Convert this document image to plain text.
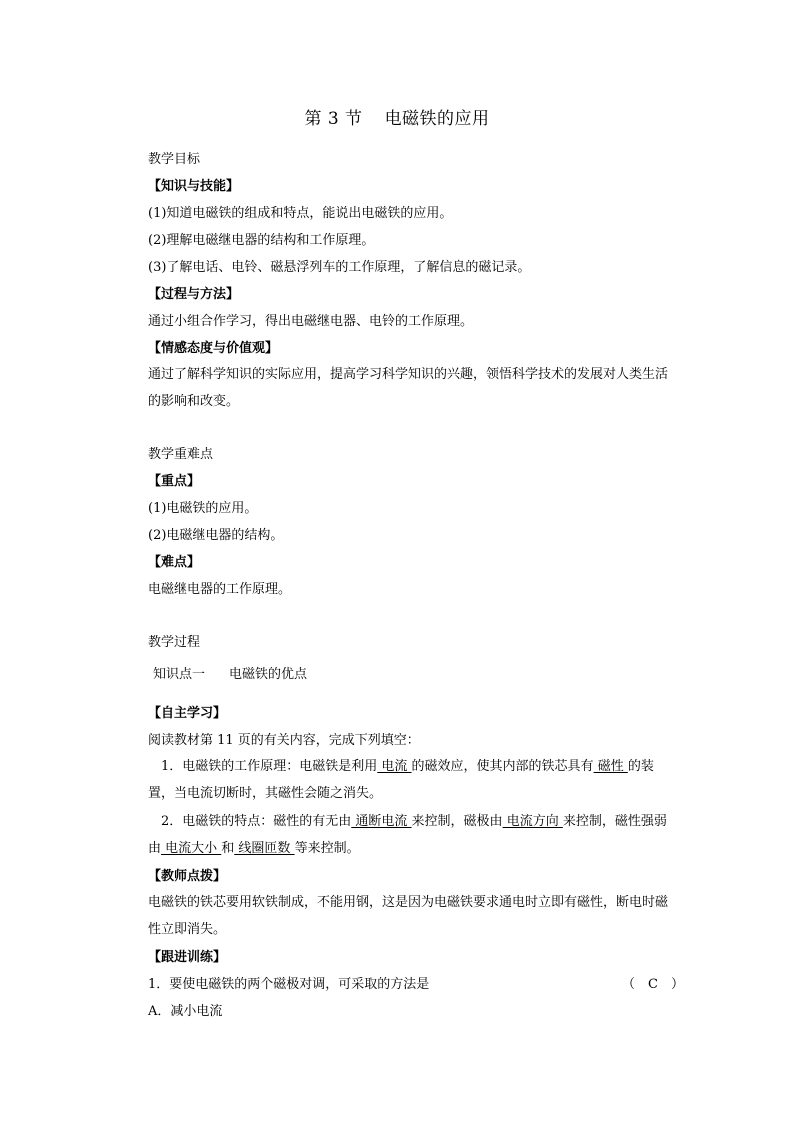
第 3 节 电磁铁的应用
教学目标
【知识与技能】
(1)知道电磁铁的组成和特点，能说出电磁铁的应用。
(2)理解电磁继电器的结构和工作原理。
(3)了解电话、电铃、磁悬浮列车的工作原理，了解信息的磁记录。
【过程与方法】
通过小组合作学习，得出电磁继电器、电铃的工作原理。
【情感态度与价值观】
通过了解科学知识的实际应用，提高学习科学知识的兴趣，领悟科学技术的发展对人类生活的影响和改变。
教学重难点
【重点】
(1)电磁铁的应用。
(2)电磁继电器的结构。
【难点】
电磁继电器的工作原理。
教学过程
知识点一 电磁铁的优点
【自主学习】
阅读教材第 11 页的有关内容，完成下列填空：
1．电磁铁的工作原理：电磁铁是利用 电流 的磁效应，使其内部的铁芯具有 磁性 的装置，当电流切断时，其磁性会随之消失。
2．电磁铁的特点：磁性的有无由 通断电流 来控制，磁极由 电流方向 来控制，磁性强弱由 电流大小 和 线圈匝数 等来控制。
【教师点拨】
电磁铁的铁芯要用软铁制成，不能用钢，这是因为电磁铁要求通电时立即有磁性，断电时磁性立即消失。
【跟进训练】
1．要使电磁铁的两个磁极对调，可采取的方法是	（　C　）
A．减小电流
